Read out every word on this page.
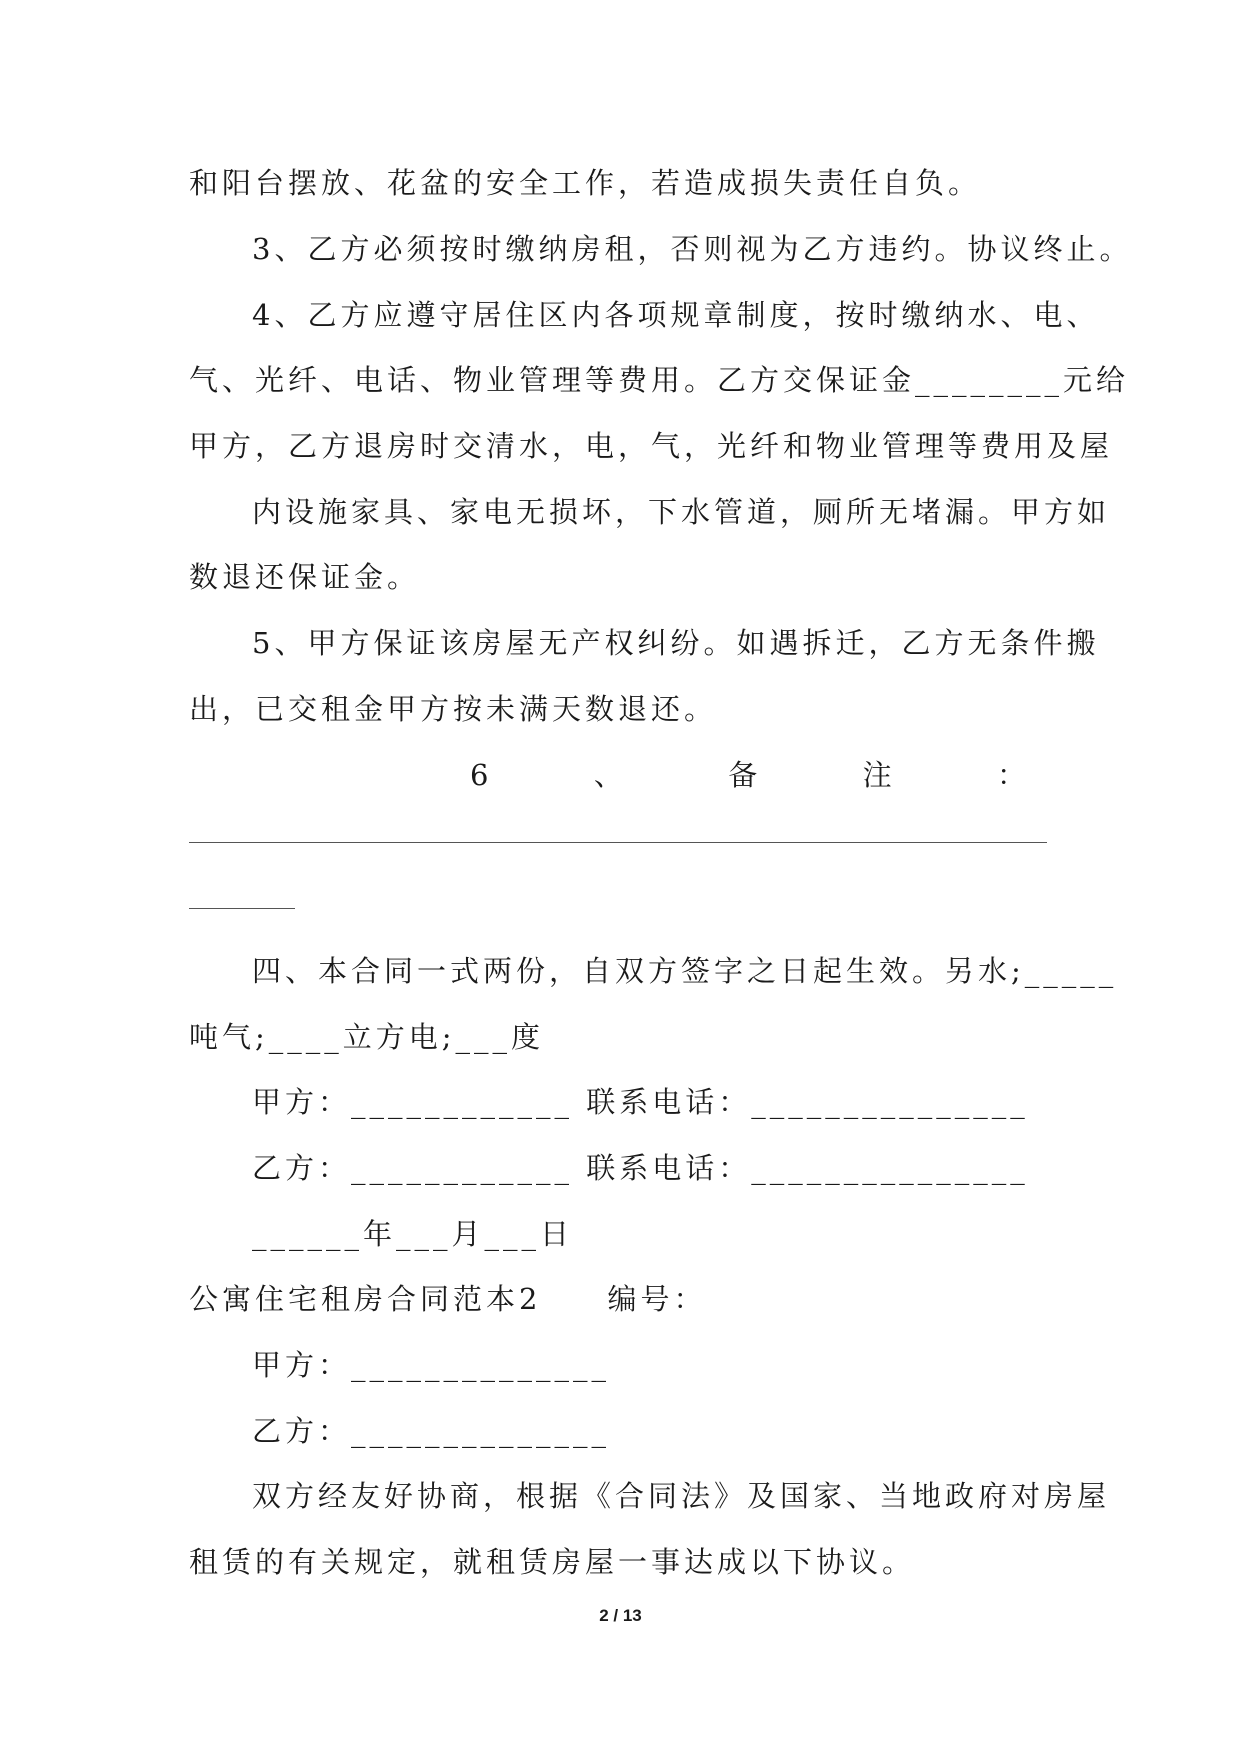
和阳台摆放、花盆的安全工作，若造成损失责任自负。
3、乙方必须按时缴纳房租，否则视为乙方违约。协议终止。
4、乙方应遵守居住区内各项规章制度，按时缴纳水、电、
气、光纤、电话、物业管理等费用。乙方交保证金________元给
甲方，乙方退房时交清水，电，气，光纤和物业管理等费用及屋
内设施家具、家电无损坏，下水管道，厕所无堵漏。甲方如
数退还保证金。
5、甲方保证该房屋无产权纠纷。如遇拆迁，乙方无条件搬
出，已交租金甲方按未满天数退还。
6	、	备	注	：
四、本合同一式两份，自双方签字之日起生效。另水;_____
吨气;____立方电;___度
甲方：____________ 联系电话：_______________
乙方：____________ 联系电话：_______________
______年___月___日
公寓住宅租房合同范本2　　编号：
甲方：______________
乙方：______________
双方经友好协商，根据《合同法》及国家、当地政府对房屋
租赁的有关规定，就租赁房屋一事达成以下协议。
2 / 13
